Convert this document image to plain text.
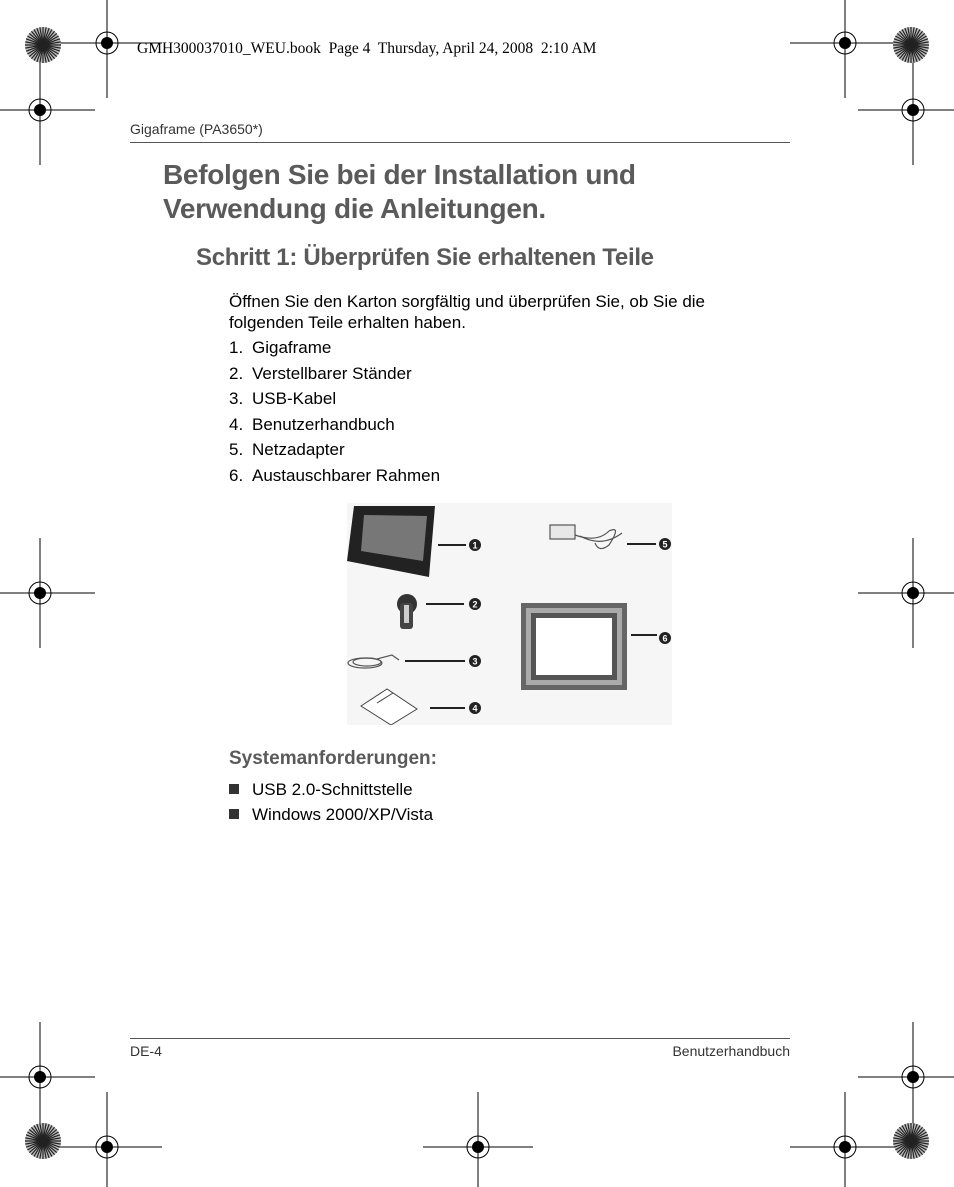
GMH300037010_WEU.book  Page 4  Thursday, April 24, 2008  2:10 AM
Gigaframe (PA3650*)
Befolgen Sie bei der Installation und
Verwendung die Anleitungen.
Schritt 1: Überprüfen Sie erhaltenen Teile
Öffnen Sie den Karton sorgfältig und überprüfen Sie, ob Sie die
folgenden Teile erhalten haben.
1. Gigaframe
2. Verstellbarer Ständer
3. USB-Kabel
4. Benutzerhandbuch
5. Netzadapter
6. Austauschbarer Rahmen
1
2
3
4
5
6
Systemanforderungen:
USB 2.0-Schnittstelle
Windows 2000/XP/Vista
DE-4	Benutzerhandbuch
